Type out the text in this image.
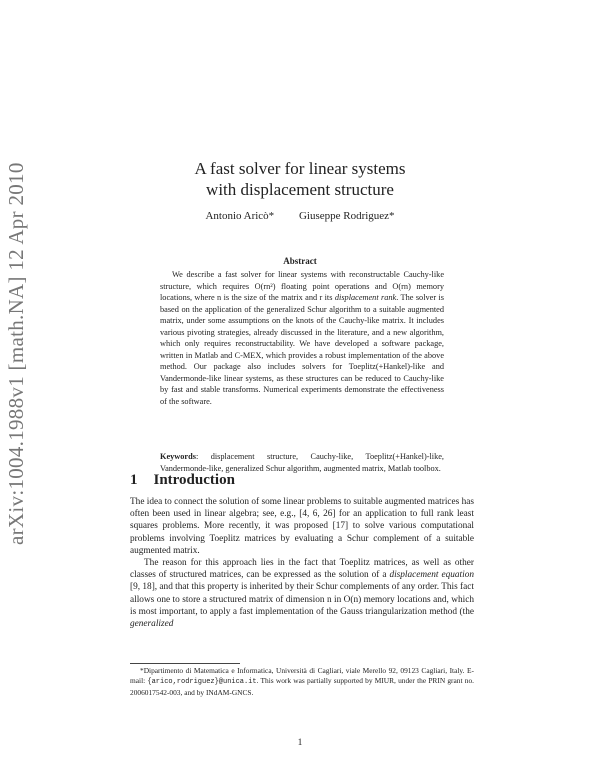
arXiv:1004.1988v1 [math.NA] 12 Apr 2010	A fast solver for linear systems
with displacement structure
Antonio Aricò* Giuseppe Rodriguez*
Abstract
We describe a fast solver for linear systems with reconstructable Cauchy-like structure, which requires O(rn²) floating point operations and O(rn) memory locations, where n is the size of the matrix and r its displacement rank. The solver is based on the application of the generalized Schur algorithm to a suitable augmented matrix, under some assumptions on the knots of the Cauchy-like matrix. It includes various pivoting strategies, already discussed in the literature, and a new algorithm, which only requires reconstructability. We have developed a software package, written in Matlab and C-MEX, which provides a robust implementation of the above method. Our package also includes solvers for Toeplitz(+Hankel)-like and Vandermonde-like linear systems, as these structures can be reduced to Cauchy-like by fast and stable transforms. Numerical experiments demonstrate the effectiveness of the software.
Keywords: displacement structure, Cauchy-like, Toeplitz(+Hankel)-like, Vandermonde-like, generalized Schur algorithm, augmented matrix, Matlab toolbox.
1 Introduction

The idea to connect the solution of some linear problems to suitable augmented matrices has often been used in linear algebra; see, e.g., [4, 6, 26] for an application to full rank least squares problems. More recently, it was proposed [17] to solve various computational problems involving Toeplitz matrices by evaluating a Schur complement of a suitable augmented matrix.

The reason for this approach lies in the fact that Toeplitz matrices, as well as other classes of structured matrices, can be expressed as the solution of a displacement equation [9, 18], and that this property is inherited by their Schur complements of any order. This fact allows one to store a structured matrix of dimension n in O(n) memory locations and, which is most important, to apply a fast implementation of the Gauss triangularization method (the generalized

*Dipartimento di Matematica e Informatica, Università di Cagliari, viale Merello 92, 09123 Cagliari, Italy. E-mail: {arico,rodriguez}@unica.it. This work was partially supported by MIUR, under the PRIN grant no. 2006017542-003, and by INdAM-GNCS.
1
